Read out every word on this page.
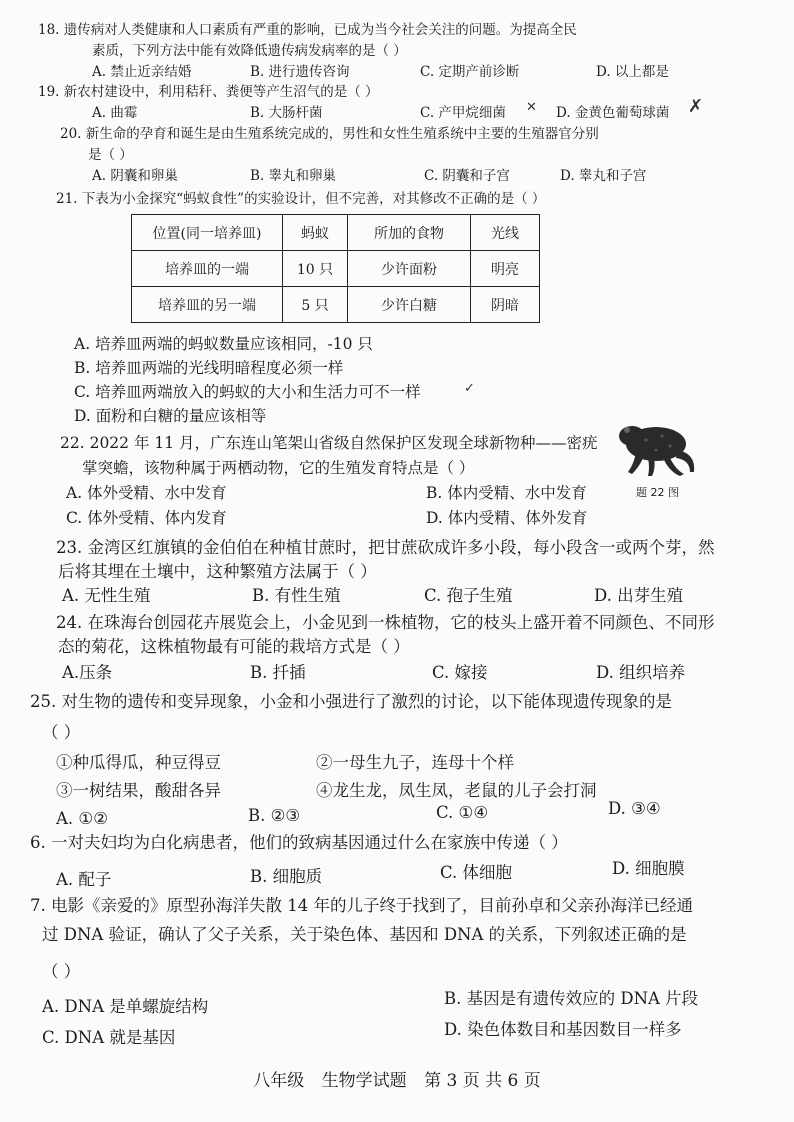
18. 遗传病对人类健康和人口素质有严重的影响，已成为当今社会关注的问题。为提高全民
素质，下列方法中能有效降低遗传病发病率的是（ ）
A. 禁止近亲结婚	B. 进行遗传咨询	C. 定期产前诊断	D. 以上都是
19. 新农村建设中，利用秸秆、粪便等产生沼气的是（ ）
A. 曲霉	B. 大肠杆菌	C. 产甲烷细菌 ✕ D. 金黄色葡萄球菌 ✗
20. 新生命的孕育和诞生是由生殖系统完成的，男性和女性生殖系统中主要的生殖器官分别
是（ ）
A. 阴囊和卵巢	B. 睾丸和卵巢	C. 阴囊和子宫	D. 睾丸和子宫
21. 下表为小金探究“蚂蚁食性”的实验设计，但不完善，对其修改不正确的是（ ）
位置(同一培养皿)	蚂蚁	所加的食物	光线
培养皿的一端	10 只	少许面粉	明亮
培养皿的另一端	5 只	少许白糖	阴暗
A. 培养皿两端的蚂蚁数量应该相同，-10 只
B. 培养皿两端的光线明暗程度必须一样
C. 培养皿两端放入的蚂蚁的大小和生活力可不一样	✓
D. 面粉和白糖的量应该相等
22. 2022 年 11 月，广东连山笔架山省级自然保护区发现全球新物种——密疣
掌突蟾，该物种属于两栖动物，它的生殖发育特点是（ ）
A. 体外受精、水中发育	B. 体内受精、水中发育
C. 体外受精、体内发育	D. 体内受精、体外发育
题 22 图
23. 金湾区红旗镇的金伯伯在种植甘蔗时，把甘蔗砍成许多小段，每小段含一或两个芽，然
后将其埋在土壤中，这种繁殖方法属于（ ）
A. 无性生殖	B. 有性生殖	C. 孢子生殖	D. 出芽生殖
24. 在珠海台创园花卉展览会上，小金见到一株植物，它的枝头上盛开着不同颜色、不同形
态的菊花，这株植物最有可能的栽培方式是（ ）
A.压条	B. 扦插	C. 嫁接	D. 组织培养
25. 对生物的遗传和变异现象，小金和小强进行了激烈的讨论，以下能体现遗传现象的是
（ ）
①种瓜得瓜，种豆得豆	②一母生九子，连母十个样
③一树结果，酸甜各异	④龙生龙，凤生凤，老鼠的儿子会打洞
A. ①②	B. ②③	C. ①④	D. ③④
6. 一对夫妇均为白化病患者，他们的致病基因通过什么在家族中传递（ ）
A. 配子	B. 细胞质	C. 体细胞	D. 细胞膜
7. 电影《亲爱的》原型孙海洋失散 14 年的儿子终于找到了，目前孙卓和父亲孙海洋已经通
过 DNA 验证，确认了父子关系，关于染色体、基因和 DNA 的关系，下列叙述正确的是
（ ）
A. DNA 是单螺旋结构	B. 基因是有遗传效应的 DNA 片段
C. DNA 就是基因	D. 染色体数目和基因数目一样多
八年级 生物学试题 第 3 页 共 6 页
